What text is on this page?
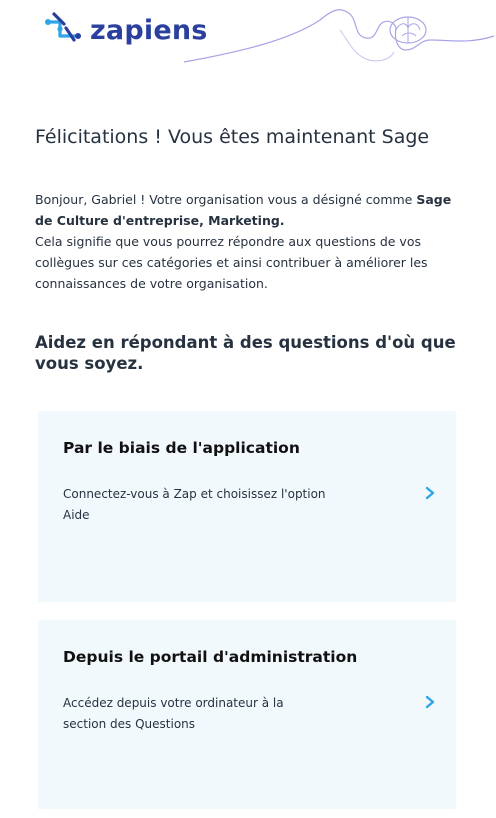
zapiens
Félicitations ! Vous êtes maintenant Sage
Bonjour, Gabriel ! Votre organisation vous a désigné comme Sage de Culture d'entreprise, Marketing.
Cela signifie que vous pourrez répondre aux questions de vos collègues sur ces catégories et ainsi contribuer à améliorer les connaissances de votre organisation.
Aidez en répondant à des questions d'où que vous soyez.
Par le biais de l'application
Connectez-vous à Zap et choisissez l'option Aide
Depuis le portail d'administration
Accédez depuis votre ordinateur à la section des Questions
